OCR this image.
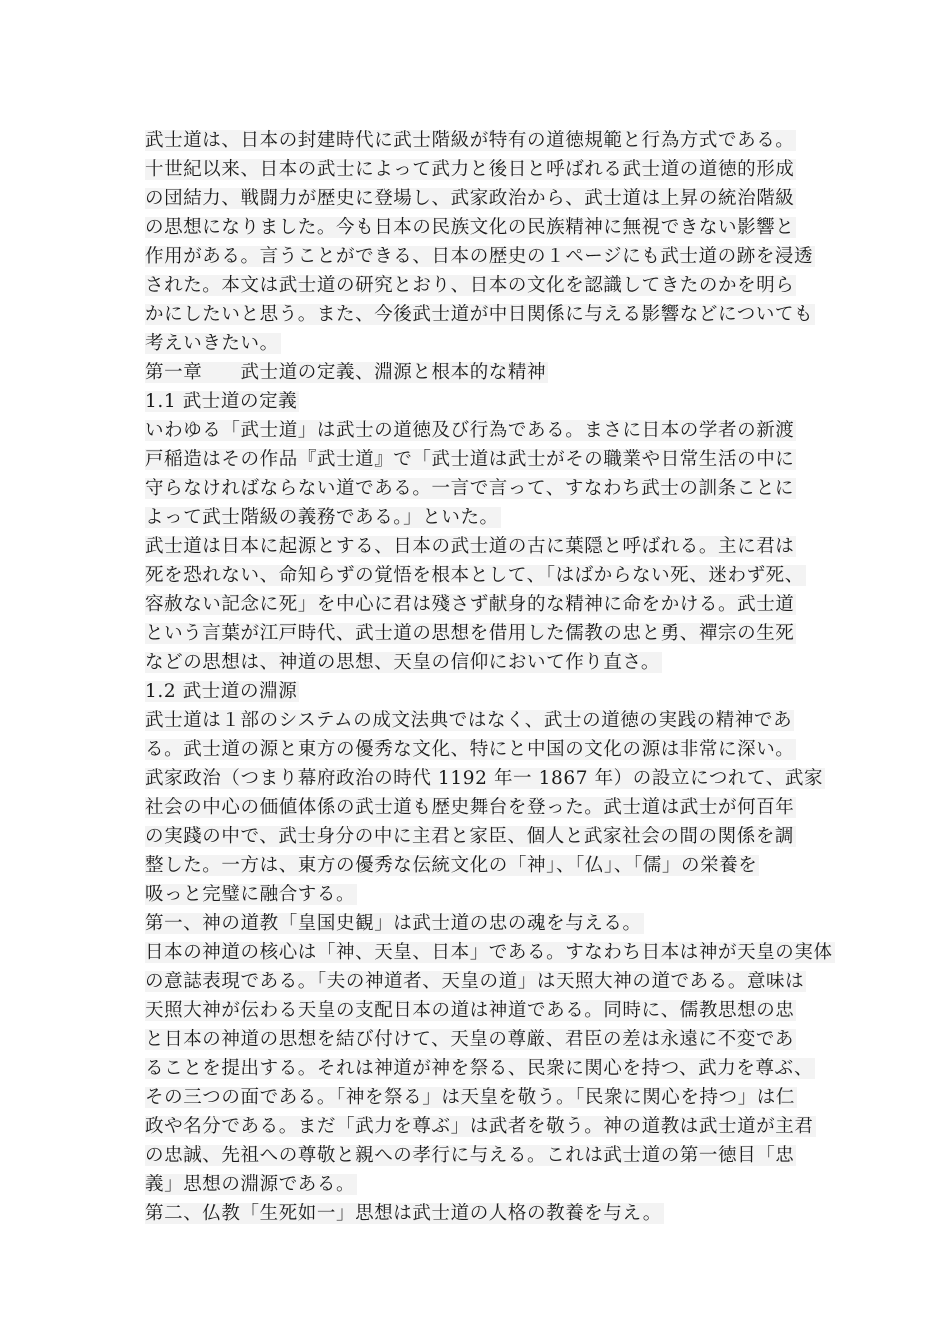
武士道は、日本の封建時代に武士階級が特有の道徳規範と行為方式である。
十世紀以来、日本の武士によって武力と後日と呼ばれる武士道の道徳的形成
の団結力、戦闘力が歴史に登場し、武家政治から、武士道は上昇の統治階級
の思想になりました。今も日本の民族文化の民族精神に無視できない影響と
作用がある。言うことができる、日本の歴史の１ページにも武士道の跡を浸透
された。本文は武士道の研究とおり、日本の文化を認識してきたのかを明ら
かにしたいと思う。また、今後武士道が中日関係に与える影響などについても
考えいきたい。
第一章　　武士道の定義、淵源と根本的な精神
1.1 武士道の定義
いわゆる「武士道」は武士の道徳及び行為である。まさに日本の学者の新渡
戸稲造はその作品『武士道』で「武士道は武士がその職業や日常生活の中に
守らなければならない道である。一言で言って、すなわち武士の訓条ことに
よって武士階級の義務である。」といた。
武士道は日本に起源とする、日本の武士道の古に葉隠と呼ばれる。主に君は
死を恐れない、命知らずの覚悟を根本として、「はばからない死、迷わず死、
容赦ない記念に死」を中心に君は殘さず献身的な精神に命をかける。武士道
という言葉が江戸時代、武士道の思想を借用した儒教の忠と勇、禪宗の生死
などの思想は、神道の思想、天皇の信仰において作り直さ。
1.2 武士道の淵源
武士道は１部のシステムの成文法典ではなく、武士の道徳の実践の精神であ
る。武士道の源と東方の優秀な文化、特にと中国の文化の源は非常に深い。
武家政治（つまり幕府政治の時代 1192 年一 1867 年）の設立につれて、武家
社会の中心の価値体係の武士道も歴史舞台を登った。武士道は武士が何百年
の実踐の中で、武士身分の中に主君と家臣、個人と武家社会の間の関係を調
整した。一方は、東方の優秀な伝統文化の「神」、「仏」、「儒」の栄養を
吸っと完璧に融合する。
第一、神の道教「皇国史観」は武士道の忠の魂を与える。
日本の神道の核心は「神、天皇、日本」である。すなわち日本は神が天皇の実体
の意誌表現である。「夫の神道者、天皇の道」は天照大神の道である。意味は
天照大神が伝わる天皇の支配日本の道は神道である。同時に、儒教思想の忠
と日本の神道の思想を結び付けて、天皇の尊厳、君臣の差は永遠に不変であ
ることを提出する。それは神道が神を祭る、民衆に関心を持つ、武力を尊ぶ、
その三つの面である。「神を祭る」は天皇を敬う。「民衆に関心を持つ」は仁
政や名分である。まだ「武力を尊ぶ」は武者を敬う。神の道教は武士道が主君
の忠誠、先祖への尊敬と親への孝行に与える。これは武士道の第一徳目「忠
義」思想の淵源である。
第二、仏教「生死如一」思想は武士道の人格の教養を与え。
